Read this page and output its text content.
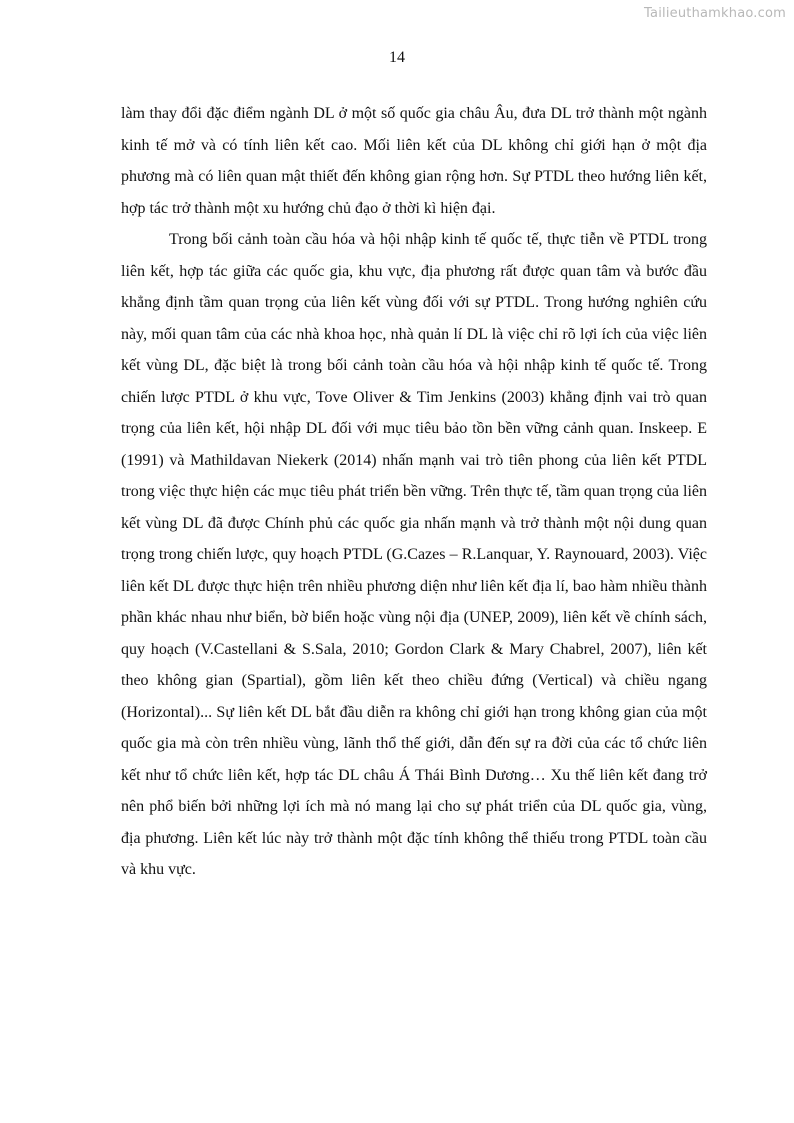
Tailieuthamkhao.com
14

làm thay đổi đặc điểm ngành DL ở một số quốc gia châu Âu, đưa DL trở thành một ngành kinh tế mở và có tính liên kết cao. Mối liên kết của DL không chỉ giới hạn ở một địa phương mà có liên quan mật thiết đến không gian rộng hơn. Sự PTDL theo hướng liên kết, hợp tác trở thành một xu hướng chủ đạo ở thời kì hiện đại.

Trong bối cảnh toàn cầu hóa và hội nhập kinh tế quốc tế, thực tiễn về PTDL trong liên kết, hợp tác giữa các quốc gia, khu vực, địa phương rất được quan tâm và bước đầu khẳng định tầm quan trọng của liên kết vùng đối với sự PTDL. Trong hướng nghiên cứu này, mối quan tâm của các nhà khoa học, nhà quản lí DL là việc chỉ rõ lợi ích của việc liên kết vùng DL, đặc biệt là trong bối cảnh toàn cầu hóa và hội nhập kinh tế quốc tế. Trong chiến lược PTDL ở khu vực, Tove Oliver & Tim Jenkins (2003) khẳng định vai trò quan trọng của liên kết, hội nhập DL đối với mục tiêu bảo tồn bền vững cảnh quan. Inskeep. E (1991) và Mathildavan Niekerk (2014) nhấn mạnh vai trò tiên phong của liên kết PTDL trong việc thực hiện các mục tiêu phát triển bền vững. Trên thực tế, tầm quan trọng của liên kết vùng DL đã được Chính phủ các quốc gia nhấn mạnh và trở thành một nội dung quan trọng trong chiến lược, quy hoạch PTDL (G.Cazes – R.Lanquar, Y. Raynouard, 2003). Việc liên kết DL được thực hiện trên nhiều phương diện như liên kết địa lí, bao hàm nhiều thành phần khác nhau như biển, bờ biển hoặc vùng nội địa (UNEP, 2009), liên kết về chính sách, quy hoạch (V.Castellani & S.Sala, 2010; Gordon Clark & Mary Chabrel, 2007), liên kết theo không gian (Spartial), gồm liên kết theo chiều đứng (Vertical) và chiều ngang (Horizontal)... Sự liên kết DL bắt đầu diễn ra không chỉ giới hạn trong không gian của một quốc gia mà còn trên nhiều vùng, lãnh thổ thế giới, dẫn đến sự ra đời của các tổ chức liên kết như tổ chức liên kết, hợp tác DL châu Á Thái Bình Dương… Xu thế liên kết đang trở nên phổ biến bởi những lợi ích mà nó mang lại cho sự phát triển của DL quốc gia, vùng, địa phương. Liên kết lúc này trở thành một đặc tính không thể thiếu trong PTDL toàn cầu và khu vực.
